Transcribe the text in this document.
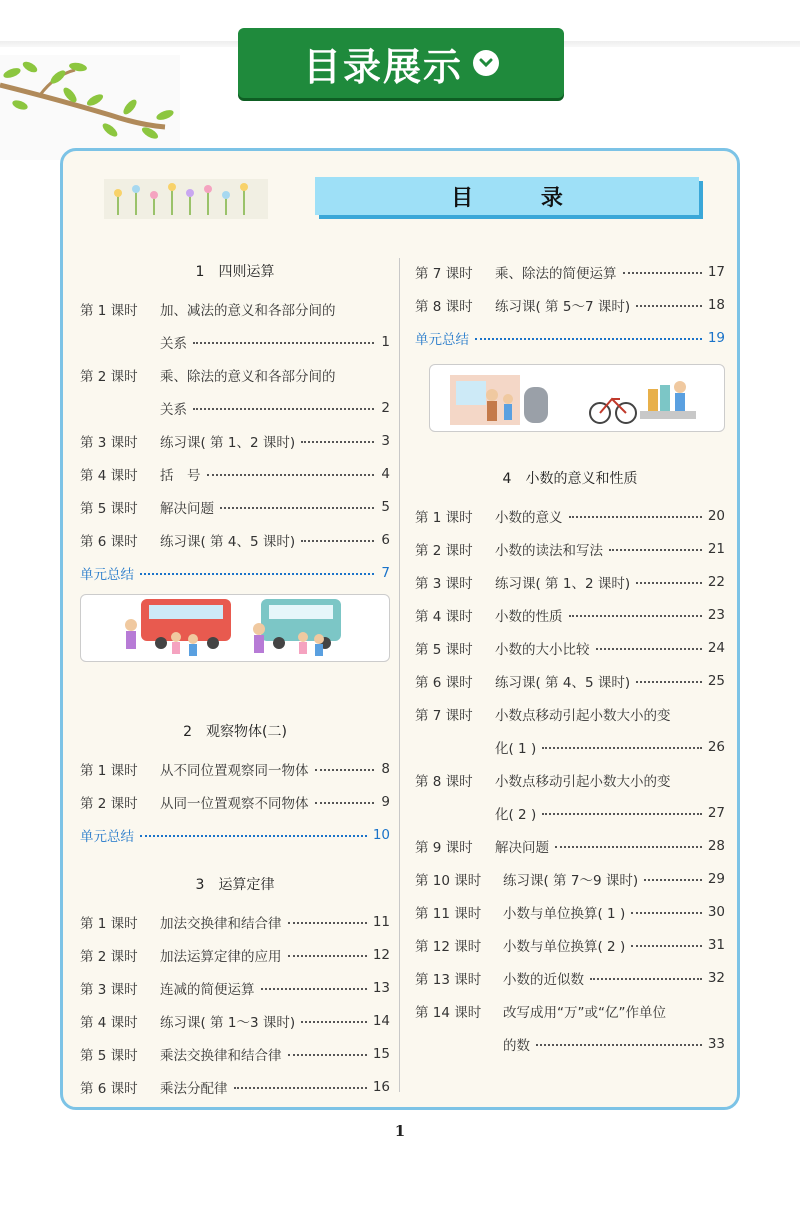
目录展示
目 录
1　四则运算
第 1 课时	加、减法的意义和各部分间的
关系	1
第 2 课时	乘、除法的意义和各部分间的
关系	2
第 3 课时	练习课( 第 1、2 课时)	3
第 4 课时	括　号	4
第 5 课时	解决问题	5
第 6 课时	练习课( 第 4、5 课时)	6
单元总结	7
2　观察物体(二)
第 1 课时	从不同位置观察同一物体	8
第 2 课时	从同一位置观察不同物体	9
单元总结	10
3　运算定律
第 1 课时	加法交换律和结合律	11
第 2 课时	加法运算定律的应用	12
第 3 课时	连减的简便运算	13
第 4 课时	练习课( 第 1～3 课时)	14
第 5 课时	乘法交换律和结合律	15
第 6 课时	乘法分配律	16
第 7 课时	乘、除法的简便运算	17
第 8 课时	练习课( 第 5～7 课时)	18
单元总结	19
4　小数的意义和性质
第 1 课时	小数的意义	20
第 2 课时	小数的读法和写法	21
第 3 课时	练习课( 第 1、2 课时)	22
第 4 课时	小数的性质	23
第 5 课时	小数的大小比较	24
第 6 课时	练习课( 第 4、5 课时)	25
第 7 课时	小数点移动引起小数大小的变
化( 1 )	26
第 8 课时	小数点移动引起小数大小的变
化( 2 )	27
第 9 课时	解决问题	28
第 10 课时	练习课( 第 7～9 课时)	29
第 11 课时	小数与单位换算( 1 )	30
第 12 课时	小数与单位换算( 2 )	31
第 13 课时	小数的近似数	32
第 14 课时	改写成用“万”或“亿”作单位
的数	33
1
